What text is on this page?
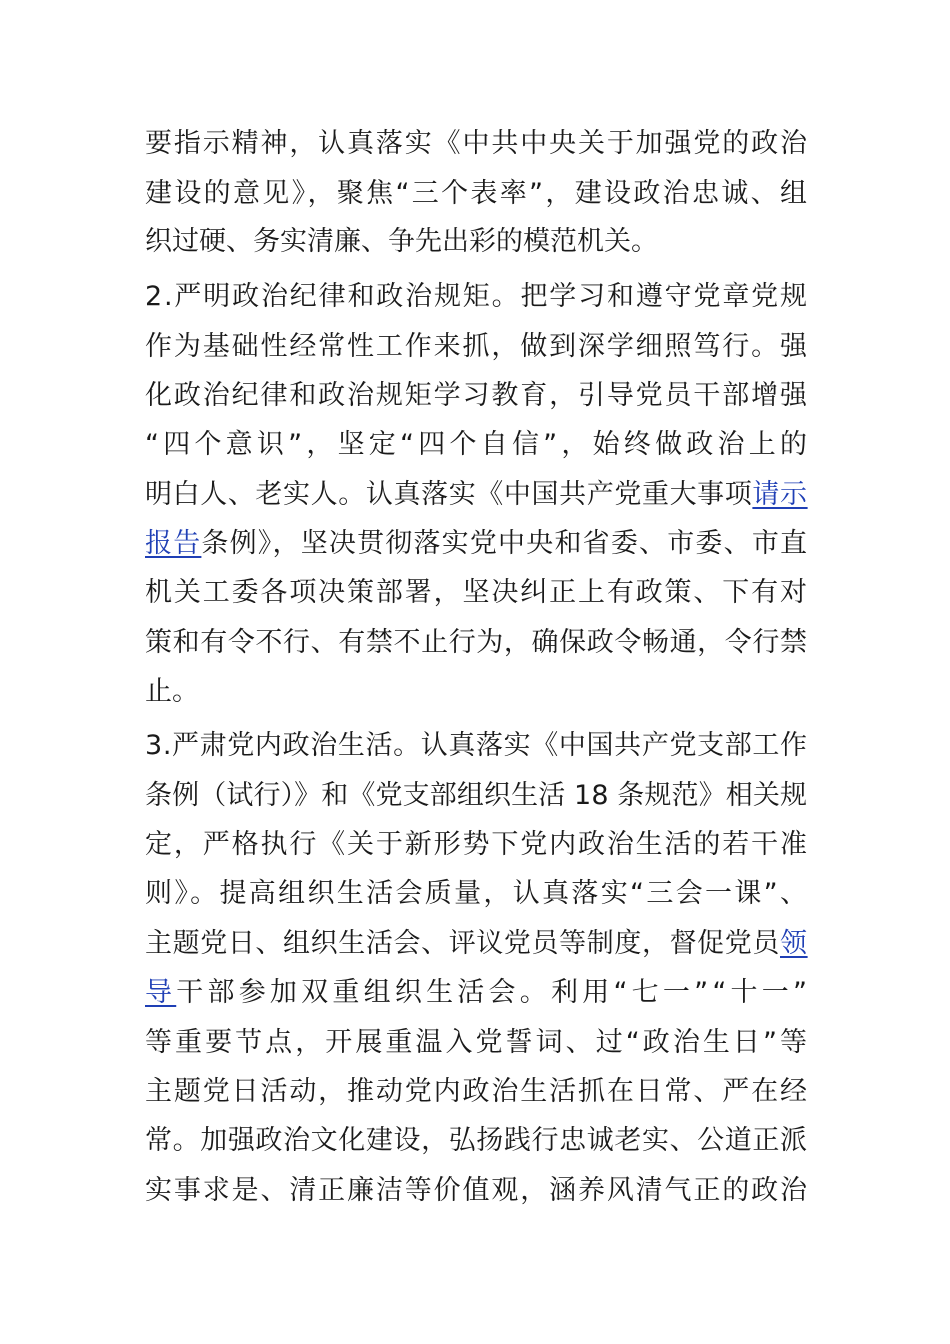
要指示精神，认真落实《中共中央关于加强党的政治
建设的意见》，聚焦“三个表率”，建设政治忠诚、组
织过硬、务实清廉、争先出彩的模范机关。
2.严明政治纪律和政治规矩。把学习和遵守党章党规
作为基础性经常性工作来抓，做到深学细照笃行。强
化政治纪律和政治规矩学习教育，引导党员干部增强
“四个意识”，坚定“四个自信”，始终做政治上的
明白人、老实人。认真落实《中国共产党重大事项 请示
报告 条例》，坚决贯彻落实党中央和省委、市委、市直
机关工委各项决策部署，坚决纠正上有政策、下有对
策和有令不行、有禁不止行为，确保政令畅通，令行禁
止。
3.严肃党内政治生活。认真落实《中国共产党支部工作
条例（试行）》和《党支部组织生活 18 条规范》相关规
定，严格执行《关于新形势下党内政治生活的若干准
则》。提高组织生活会质量，认真落实“三会一课”、
主题党日、组织生活会、评议党员等制度，督促党员 领
导 干部参加双重组织生活会。利用“七一”“十一”
等重要节点，开展重温入党誓词、过“政治生日”等
主题党日活动，推动党内政治生活抓在日常、严在经
常。加强政治文化建设，弘扬践行忠诚老实、公道正派
实事求是、清正廉洁等价值观，涵养风清气正的政治
